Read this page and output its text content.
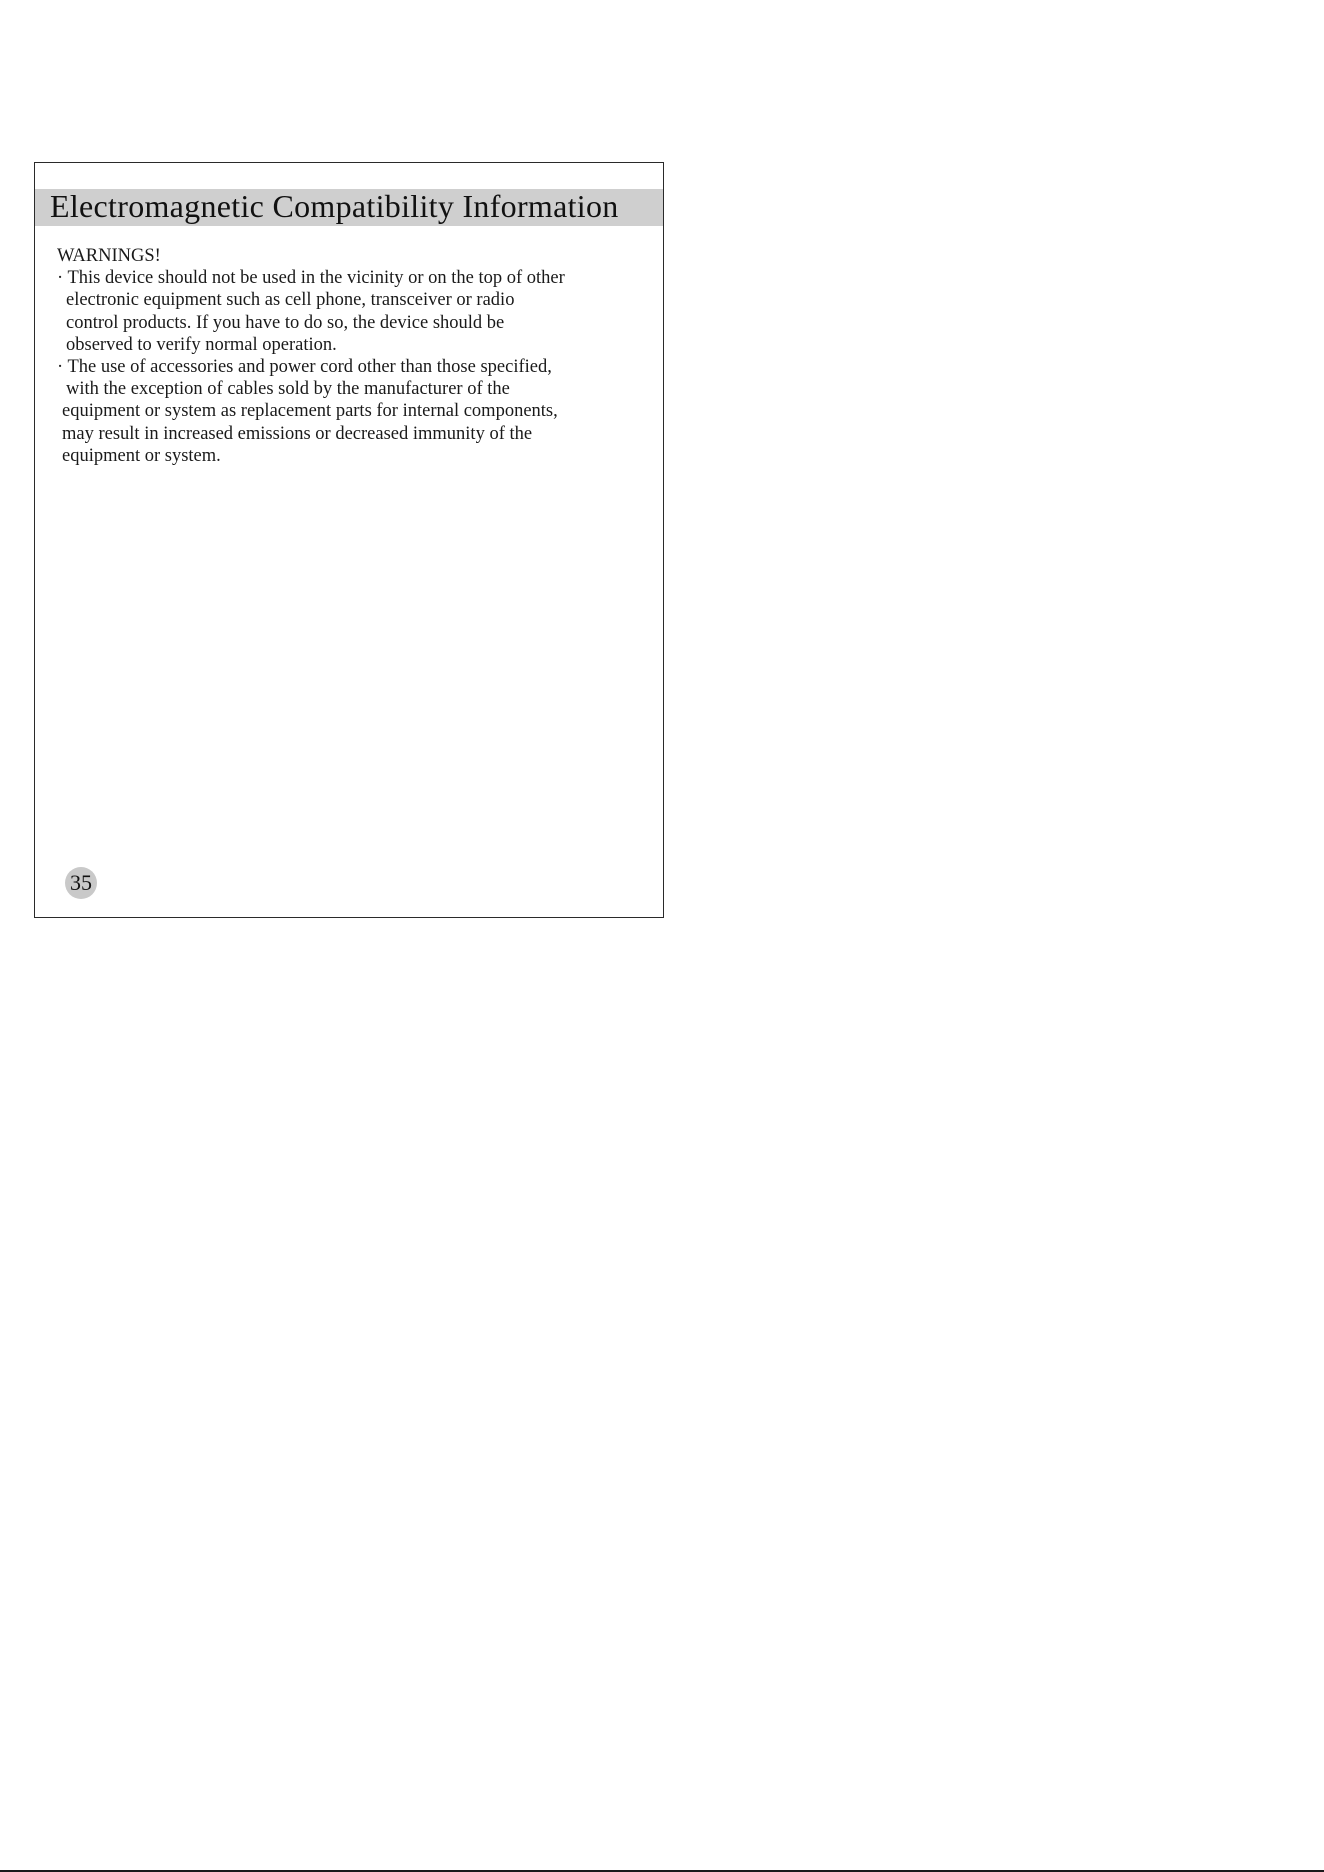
Electromagnetic Compatibility Information
WARNINGS!
· This device should not be used in the vicinity or on the top of other
electronic equipment such as cell phone, transceiver or radio
control products. If you have to do so, the device should be
observed to verify normal operation.
· The use of accessories and power cord other than those specified,
with the exception of cables sold by the manufacturer of the
equipment or system as replacement parts for internal components,
may result in increased emissions or decreased immunity of the
equipment or system.
35
